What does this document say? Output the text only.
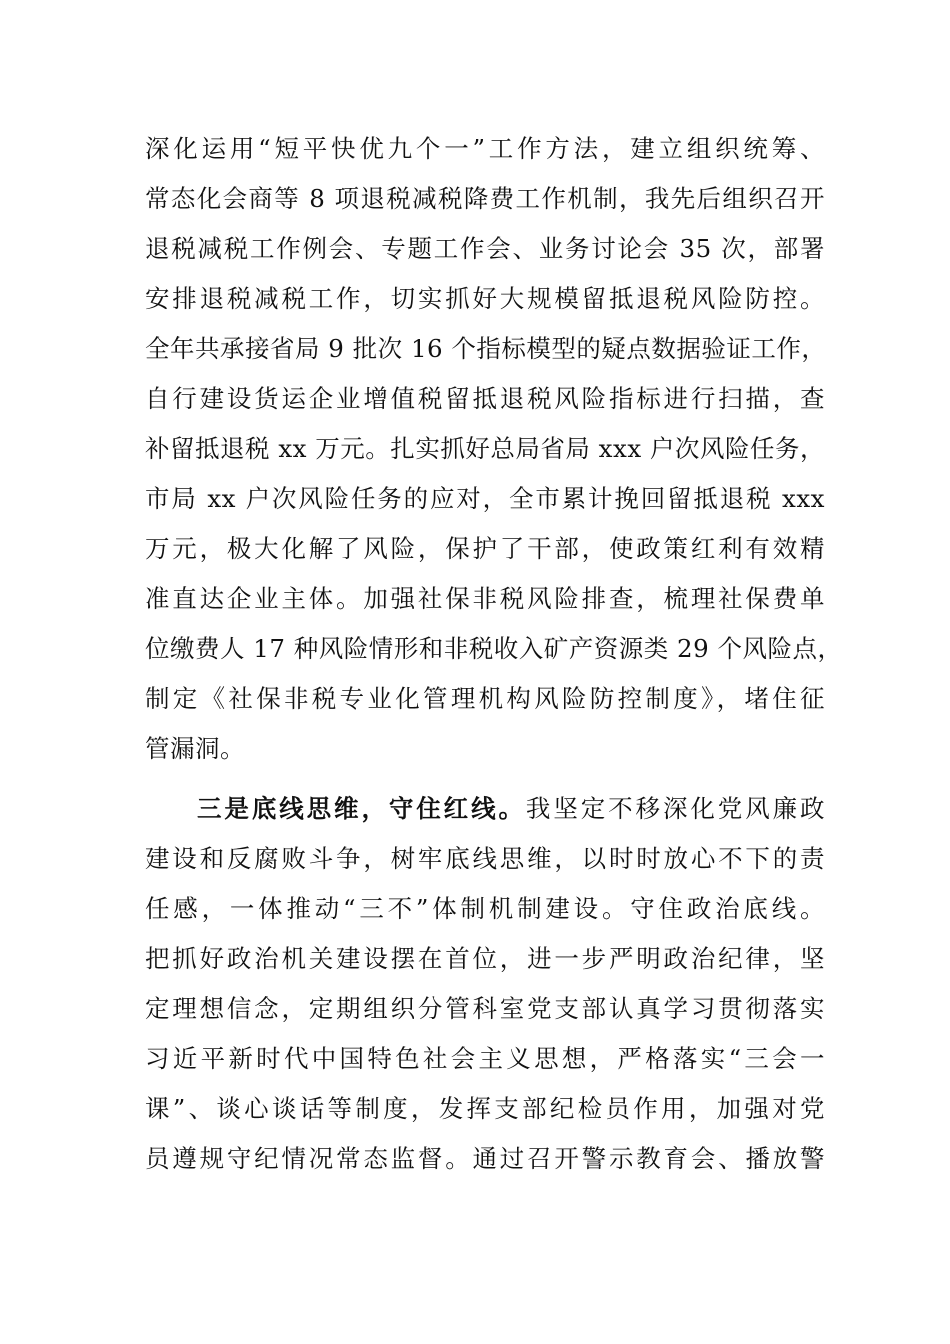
深化运用“短平快优九个一”工作方法，建立组织统筹、
常态化会商等 8 项退税减税降费工作机制，我先后组织召开
退税减税工作例会、专题工作会、业务讨论会 35 次，部署
安排退税减税工作，切实抓好大规模留抵退税风险防控。
全年共承接省局 9 批次 16 个指标模型的疑点数据验证工作，
自行建设货运企业增值税留抵退税风险指标进行扫描，查
补留抵退税 xx 万元。扎实抓好总局省局 xxx 户次风险任务，
市局 xx 户次风险任务的应对，全市累计挽回留抵退税 xxx
万元，极大化解了风险，保护了干部，使政策红利有效精
准直达企业主体。加强社保非税风险排查，梳理社保费单
位缴费人 17 种风险情形和非税收入矿产资源类 29 个风险点，
制定《社保非税专业化管理机构风险防控制度》，堵住征
管漏洞。
三是底线思维，守住红线。我坚定不移深化党风廉政
建设和反腐败斗争，树牢底线思维，以时时放心不下的责
任感，一体推动“三不”体制机制建设。守住政治底线。
把抓好政治机关建设摆在首位，进一步严明政治纪律，坚
定理想信念，定期组织分管科室党支部认真学习贯彻落实
习近平新时代中国特色社会主义思想，严格落实“三会一
课”、谈心谈话等制度，发挥支部纪检员作用，加强对党
员遵规守纪情况常态监督。通过召开警示教育会、播放警
